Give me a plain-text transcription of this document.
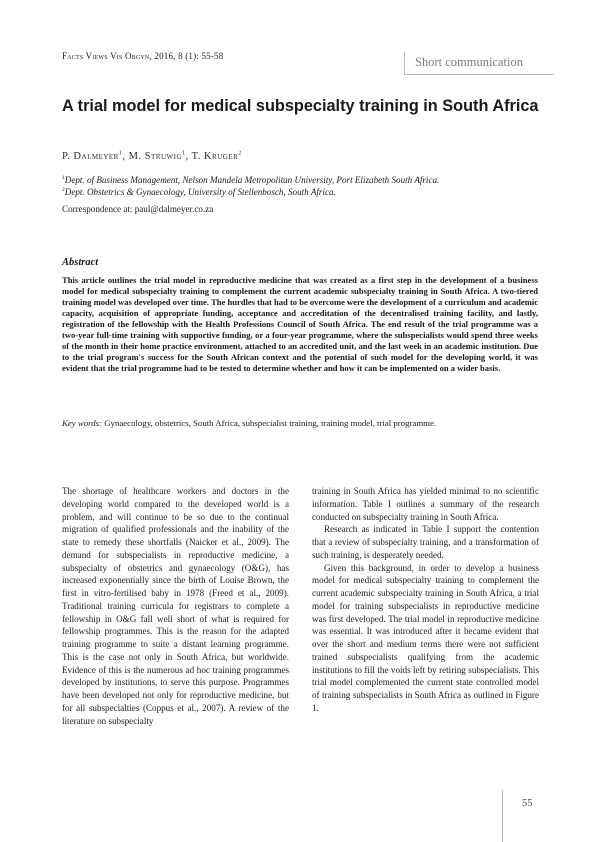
Facts Views Vis Obgyn, 2016, 8 (1): 55-58	Short communication
A trial model for medical subspecialty training in South Africa
P. Dalmeyer$^1$, M. Struwig$^1$, T. Kruger$^2$
$^1$Dept. of Business Management, Nelson Mandela Metropolitan University, Port Elizabeth South Africa.
$^2$Dept. Obstetrics & Gynaecology, University of Stellenbosch, South Africa.
Correspondence at: paul@dalmeyer.co.za
Abstract

This article outlines the trial model in reproductive medicine that was created as a first step in the development of a business model for medical subspecialty training to complement the current academic subspecialty training in South Africa. A two-tiered training model was developed over time. The hurdles that had to be overcome were the development of a curriculum and academic capacity, acquisition of appropriate funding, acceptance and accreditation of the decentralised training facility, and lastly, registration of the fellowship with the Health Professions Council of South Africa. The end result of the trial programme was a two-year full-time training with supportive funding, or a four-year programme, where the subspecialists would spend three weeks of the month in their home practice environment, attached to an accredited unit, and the last week in an academic institution. Due to the trial program's success for the South African context and the potential of such model for the developing world, it was evident that the trial programme had to be tested to determine whether and how it can be implemented on a wider basis.

Key words: Gynaecology, obstetrics, South Africa, subspecialist training, training model, trial programme.

The shortage of healthcare workers and doctors in the developing world compared to the developed world is a problem, and will continue to be so due to the continual migration of qualified professionals and the inability of the state to remedy these shortfalls (Naicker et al., 2009). The demand for subspecialists in reproductive medicine, a subspecialty of obstetrics and gynaecology (O&G), has increased exponentially since the birth of Louise Brown, the first in vitro-fertilised baby in 1978 (Freed et al., 2009). Traditional training curricula for registrars to complete a fellowship in O&G fall well short of what is required for fellowship programmes. This is the reason for the adapted training programme to suite a distant learning programme. This is the case not only in South Africa, but worldwide. Evidence of this is the numerous ad hoc training programmes developed by institutions, to serve this purpose. Programmes have been developed not only for reproductive medicine, but for all subspecialties (Coppus et al., 2007). A review of the literature on subspecialty

training in South Africa has yielded minimal to no scientific information. Table I outlines a summary of the research conducted on subspecialty training in South Africa.

Research as indicated in Table I support the contention that a review of subspecialty training, and a transformation of such training, is desperately needed.

Given this background, in order to develop a business model for medical subspecialty training to complement the current academic subspecialty training in South Africa, a trial model for training subspecialists in reproductive medicine was first developed. The trial model in reproductive medicine was essential. It was introduced after it became evident that over the short and medium terms there were not sufficient trained subspecialists qualifying from the academic institutions to fill the voids left by retiring subspecialists. This trial model complemented the current state controlled model of training subspecialists in South Africa as outlined in Figure 1.

55
